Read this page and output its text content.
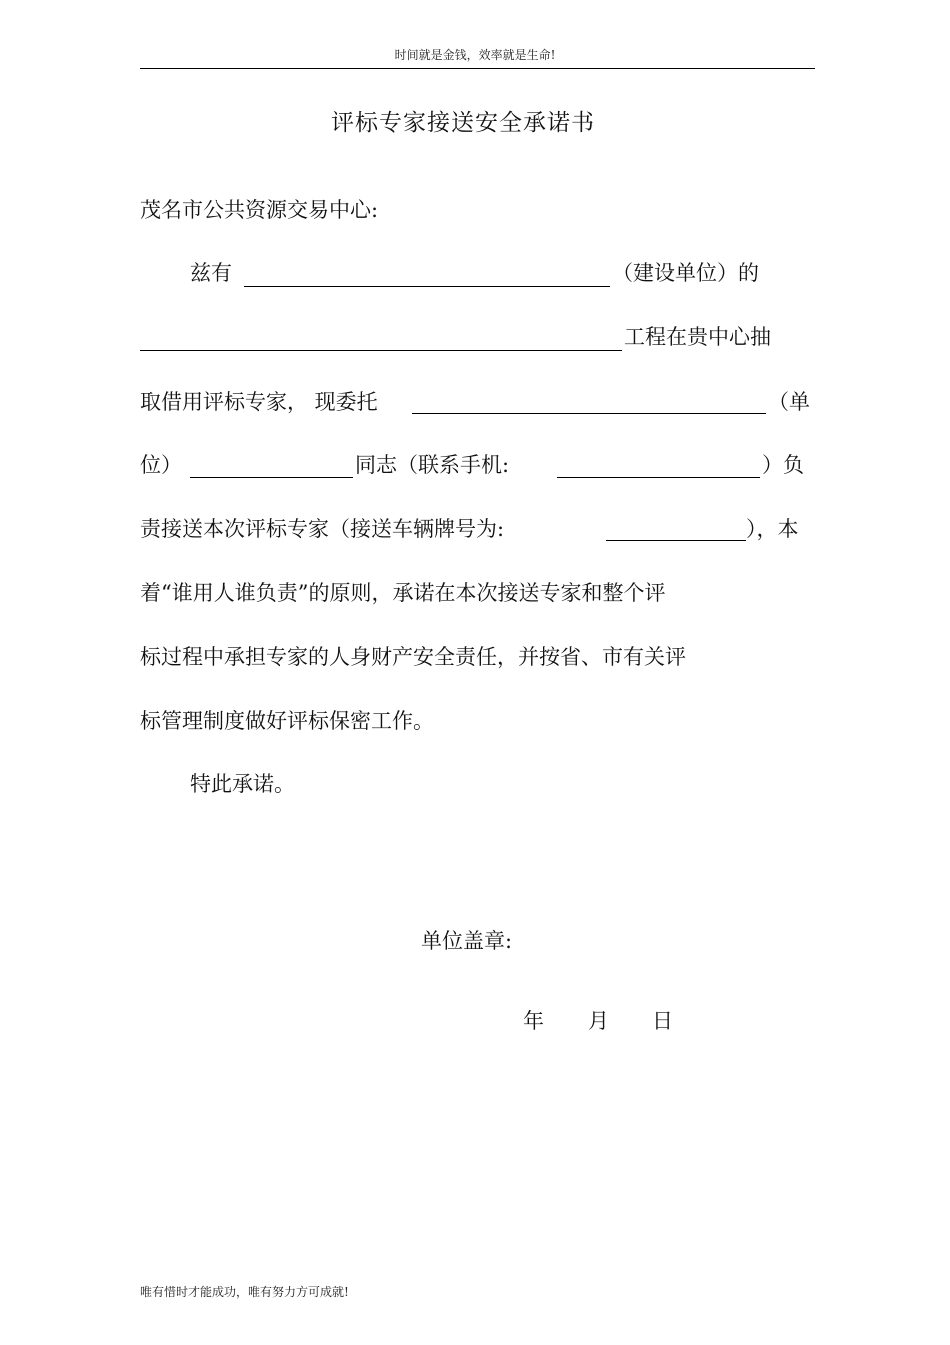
时间就是金钱，效率就是生命!
评标专家接送安全承诺书
茂名市公共资源交易中心:
兹有	（建设单位）的
工程在贵中心抽
取借用评标专家， 现委托	（单
位）	同志（联系手机:	）负
责接送本次评标专家（接送车辆牌号为:	），本
着“谁用人谁负责”的原则，承诺在本次接送专家和整个评
标过程中承担专家的人身财产安全责任，并按省、市有关评
标管理制度做好评标保密工作。
特此承诺。
单位盖章:
年 月 日
唯有惜时才能成功，唯有努力方可成就!
